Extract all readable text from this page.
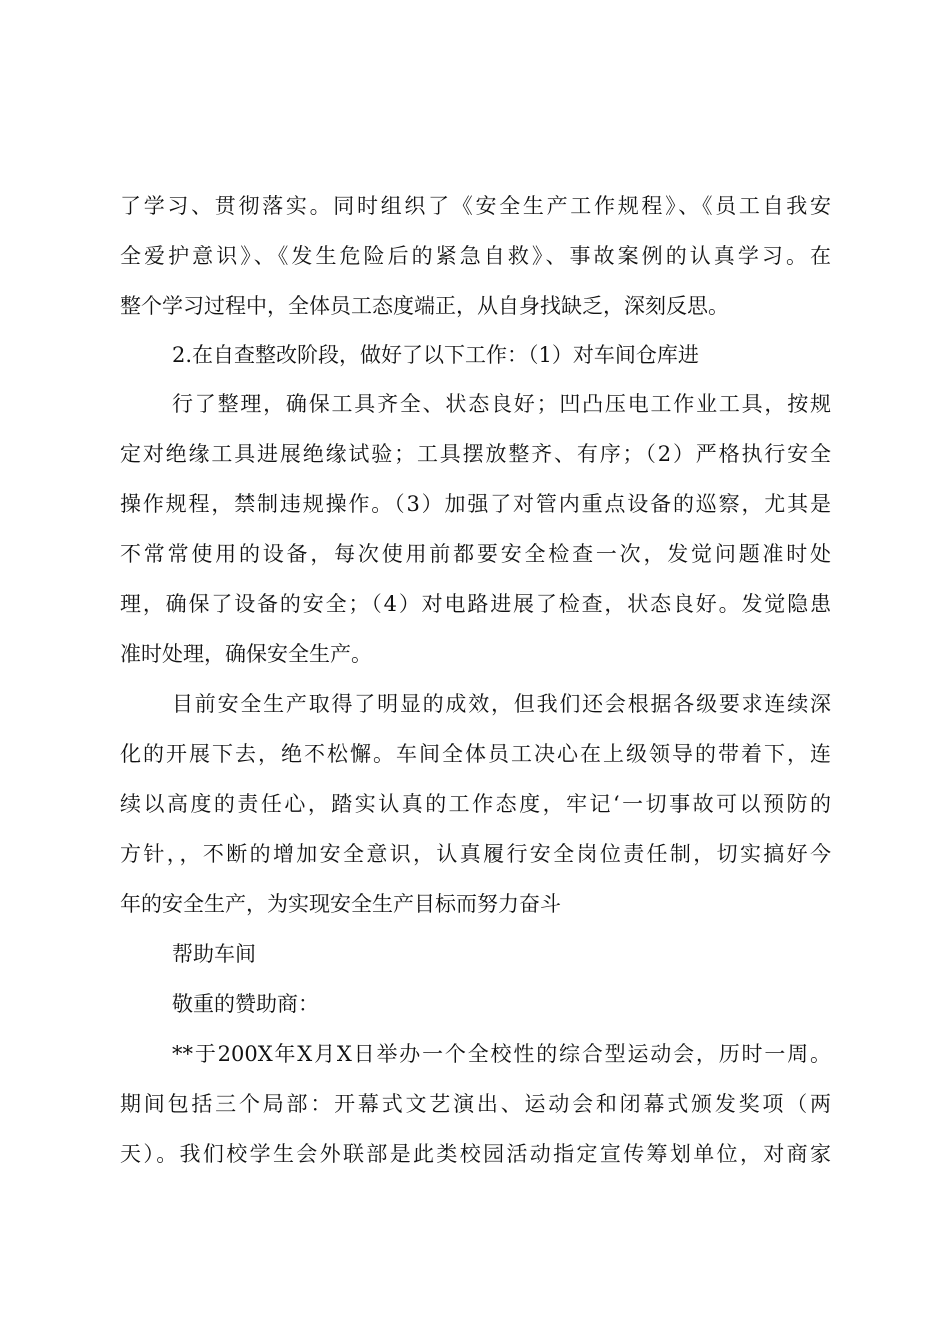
了学习、贯彻落实。同时组织了《安全生产工作规程》、《员工自我安
全爱护意识》、《发生危险后的紧急自救》、事故案例的认真学习。在
整个学习过程中，全体员工态度端正，从自身找缺乏，深刻反思。
2.在自查整改阶段，做好了以下工作：（1）对车间仓库进
行了整理，确保工具齐全、状态良好；凹凸压电工作业工具，按规
定对绝缘工具进展绝缘试验；工具摆放整齐、有序；（2）严格执行安全
操作规程，禁制违规操作。（3）加强了对管内重点设备的巡察，尤其是
不常常使用的设备，每次使用前都要安全检查一次，发觉问题准时处
理，确保了设备的安全；（4）对电路进展了检查，状态良好。发觉隐患
准时处理，确保安全生产。
目前安全生产取得了明显的成效，但我们还会根据各级要求连续深
化的开展下去，绝不松懈。车间全体员工决心在上级领导的带着下，连
续以高度的责任心，踏实认真的工作态度，牢记‘一切事故可以预防的
方针，，不断的增加安全意识，认真履行安全岗位责任制，切实搞好今
年的安全生产，为实现安全生产目标而努力奋斗
帮助车间
敬重的赞助商：
**于200X年X月X日举办一个全校性的综合型运动会，历时一周。
期间包括三个局部：开幕式文艺演出、运动会和闭幕式颁发奖项（两
天）。我们校学生会外联部是此类校园活动指定宣传筹划单位，对商家
